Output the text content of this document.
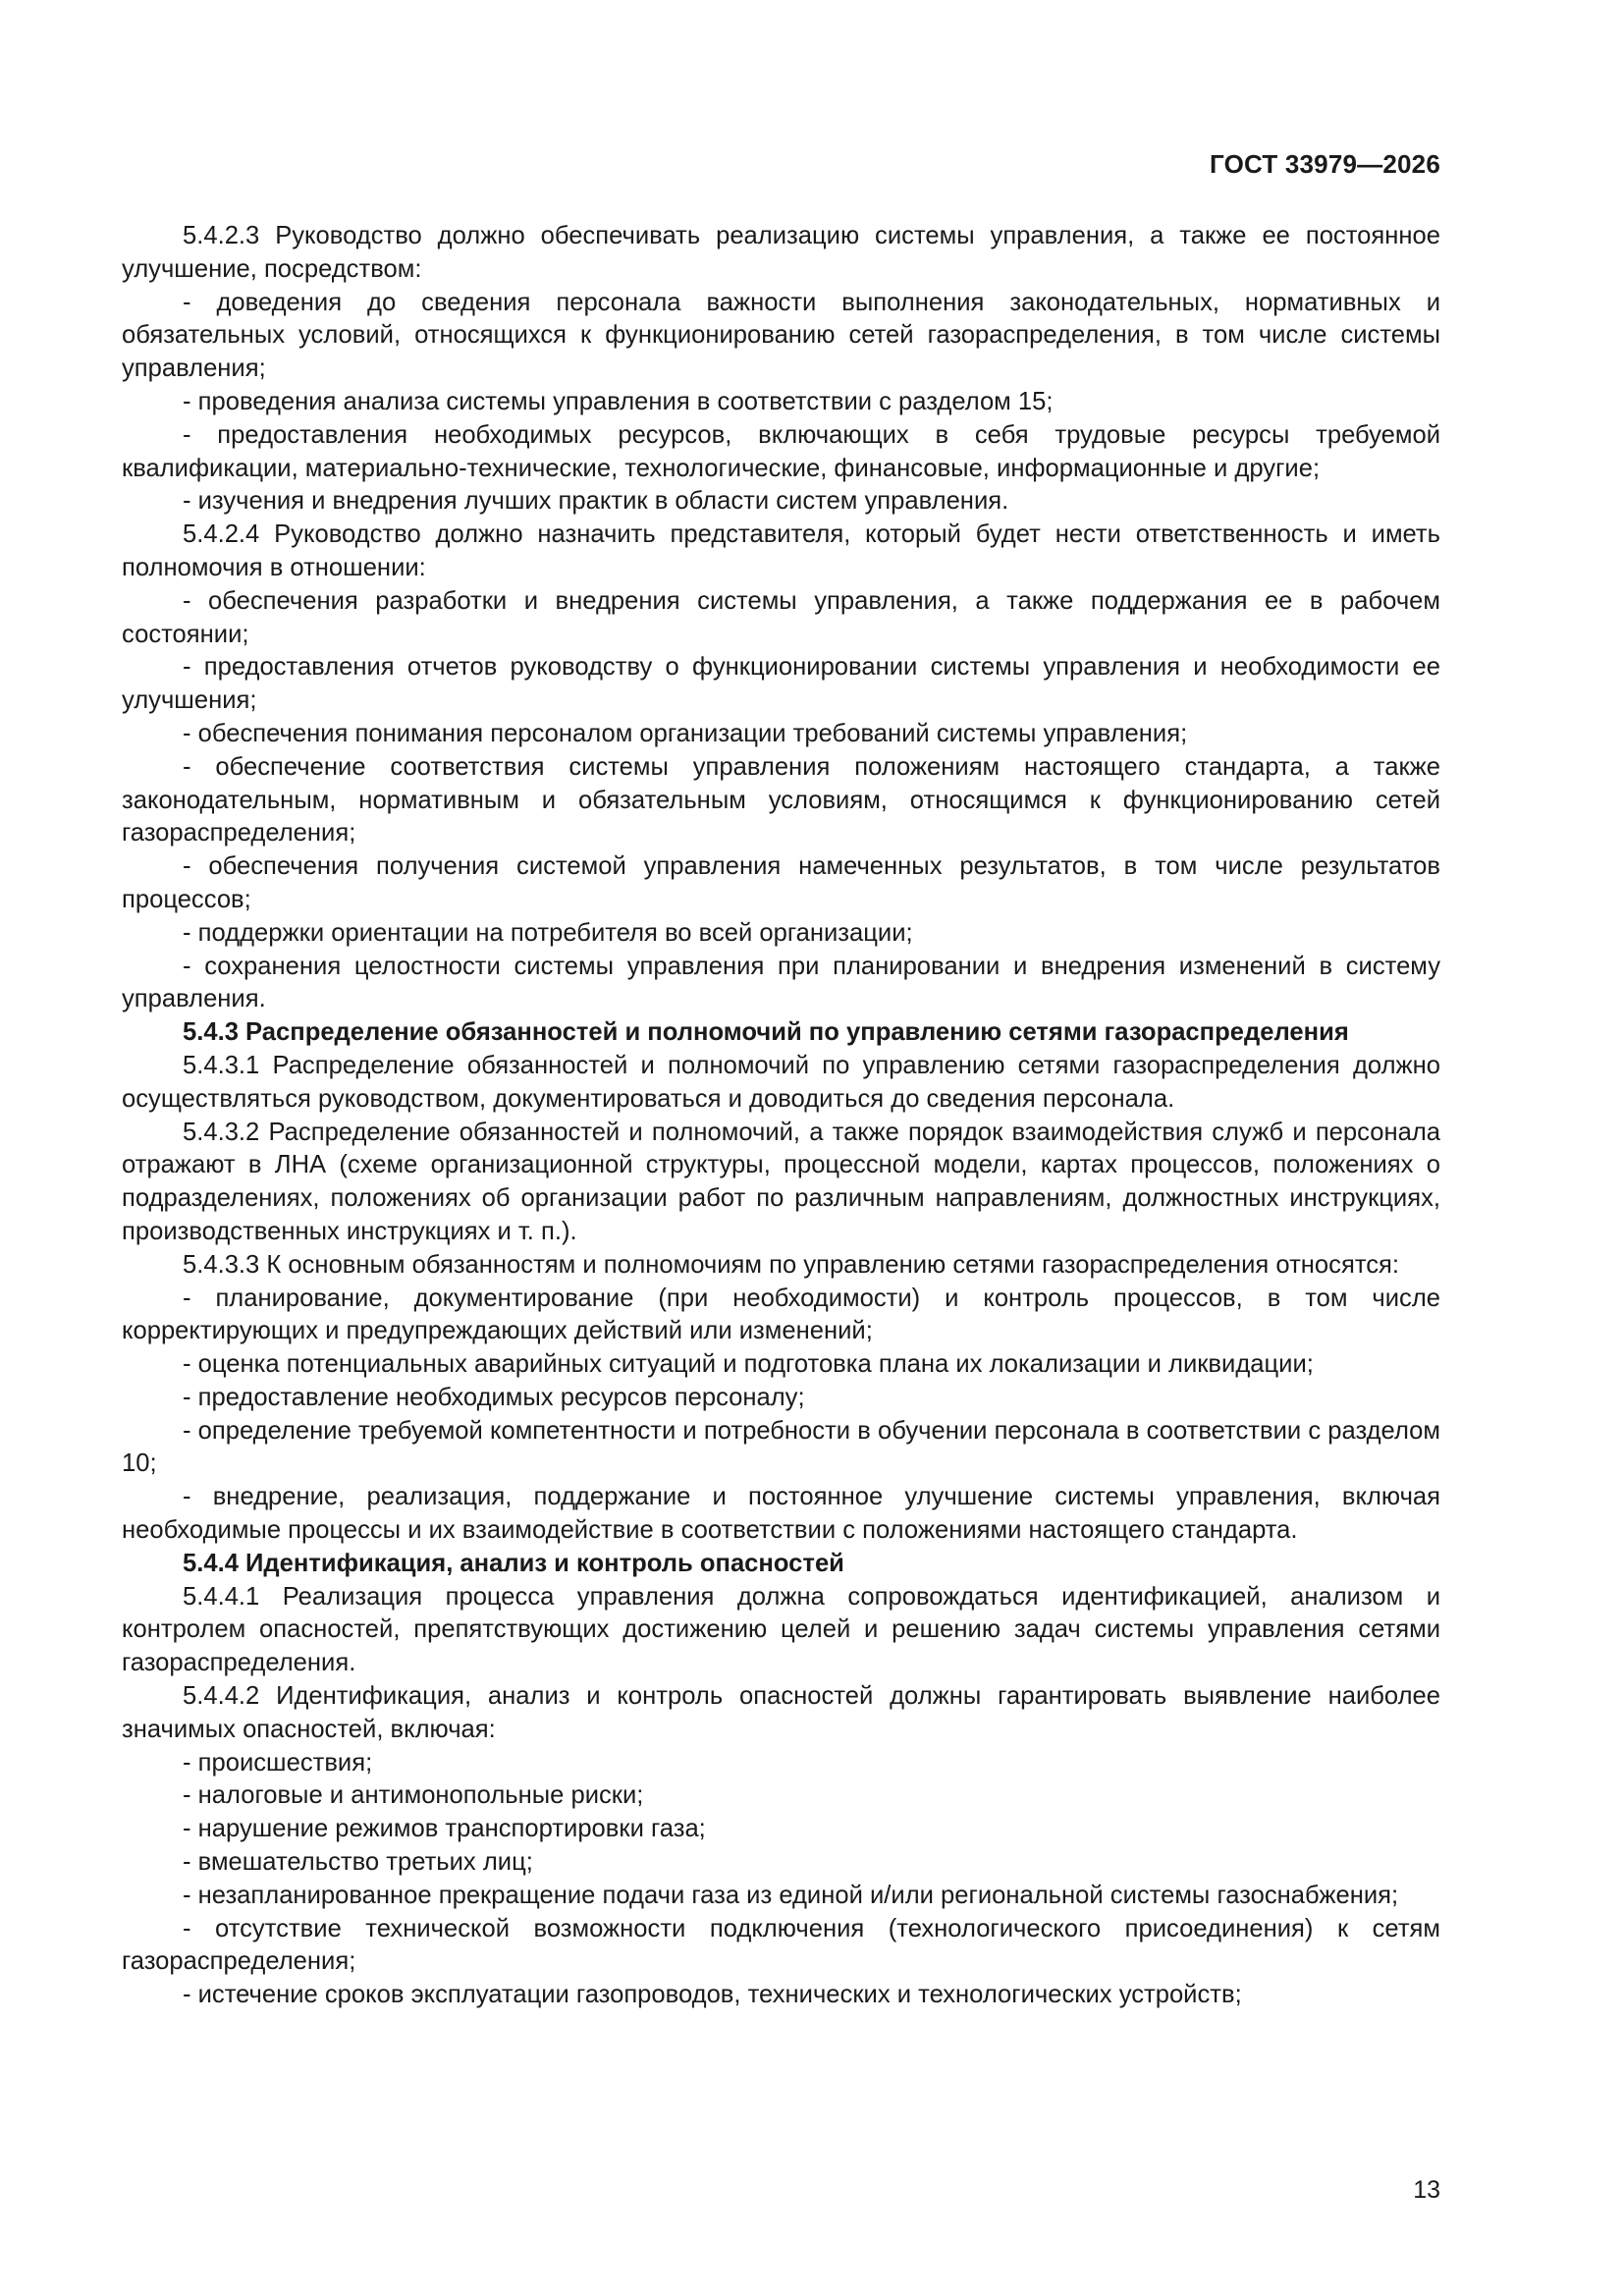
ГОСТ 33979—2026

5.4.2.3 Руководство должно обеспечивать реализацию системы управления, а также ее постоянное улучшение, посредством:

- доведения до сведения персонала важности выполнения законодательных, нормативных и обязательных условий, относящихся к функционированию сетей газораспределения, в том числе системы управления;

- проведения анализа системы управления в соответствии с разделом 15;

- предоставления необходимых ресурсов, включающих в себя трудовые ресурсы требуемой квалификации, материально-технические, технологические, финансовые, информационные и другие;

- изучения и внедрения лучших практик в области систем управления.

5.4.2.4 Руководство должно назначить представителя, который будет нести ответственность и иметь полномочия в отношении:

- обеспечения разработки и внедрения системы управления, а также поддержания ее в рабочем состоянии;

- предоставления отчетов руководству о функционировании системы управления и необходимости ее улучшения;

- обеспечения понимания персоналом организации требований системы управления;

- обеспечение соответствия системы управления положениям настоящего стандарта, а также законодательным, нормативным и обязательным условиям, относящимся к функционированию сетей газораспределения;

- обеспечения получения системой управления намеченных результатов, в том числе результатов процессов;

- поддержки ориентации на потребителя во всей организации;

- сохранения целостности системы управления при планировании и внедрения изменений в систему управления.

5.4.3 Распределение обязанностей и полномочий по управлению сетями газораспределения

5.4.3.1 Распределение обязанностей и полномочий по управлению сетями газораспределения должно осуществляться руководством, документироваться и доводиться до сведения персонала.

5.4.3.2 Распределение обязанностей и полномочий, а также порядок взаимодействия служб и персонала отражают в ЛНА (схеме организационной структуры, процессной модели, картах процессов, положениях о подразделениях, положениях об организации работ по различным направлениям, должностных инструкциях, производственных инструкциях и т. п.).

5.4.3.3 К основным обязанностям и полномочиям по управлению сетями газораспределения относятся:

- планирование, документирование (при необходимости) и контроль процессов, в том числе корректирующих и предупреждающих действий или изменений;

- оценка потенциальных аварийных ситуаций и подготовка плана их локализации и ликвидации;

- предоставление необходимых ресурсов персоналу;

- определение требуемой компетентности и потребности в обучении персонала в соответствии с разделом 10;

- внедрение, реализация, поддержание и постоянное улучшение системы управления, включая необходимые процессы и их взаимодействие в соответствии с положениями настоящего стандарта.

5.4.4 Идентификация, анализ и контроль опасностей

5.4.4.1 Реализация процесса управления должна сопровождаться идентификацией, анализом и контролем опасностей, препятствующих достижению целей и решению задач системы управления сетями газораспределения.

5.4.4.2 Идентификация, анализ и контроль опасностей должны гарантировать выявление наиболее значимых опасностей, включая:

- происшествия;

- налоговые и антимонопольные риски;

- нарушение режимов транспортировки газа;

- вмешательство третьих лиц;

- незапланированное прекращение подачи газа из единой и/или региональной системы газоснабжения;

- отсутствие технической возможности подключения (технологического присоединения) к сетям газораспределения;

- истечение сроков эксплуатации газопроводов, технических и технологических устройств;

13
